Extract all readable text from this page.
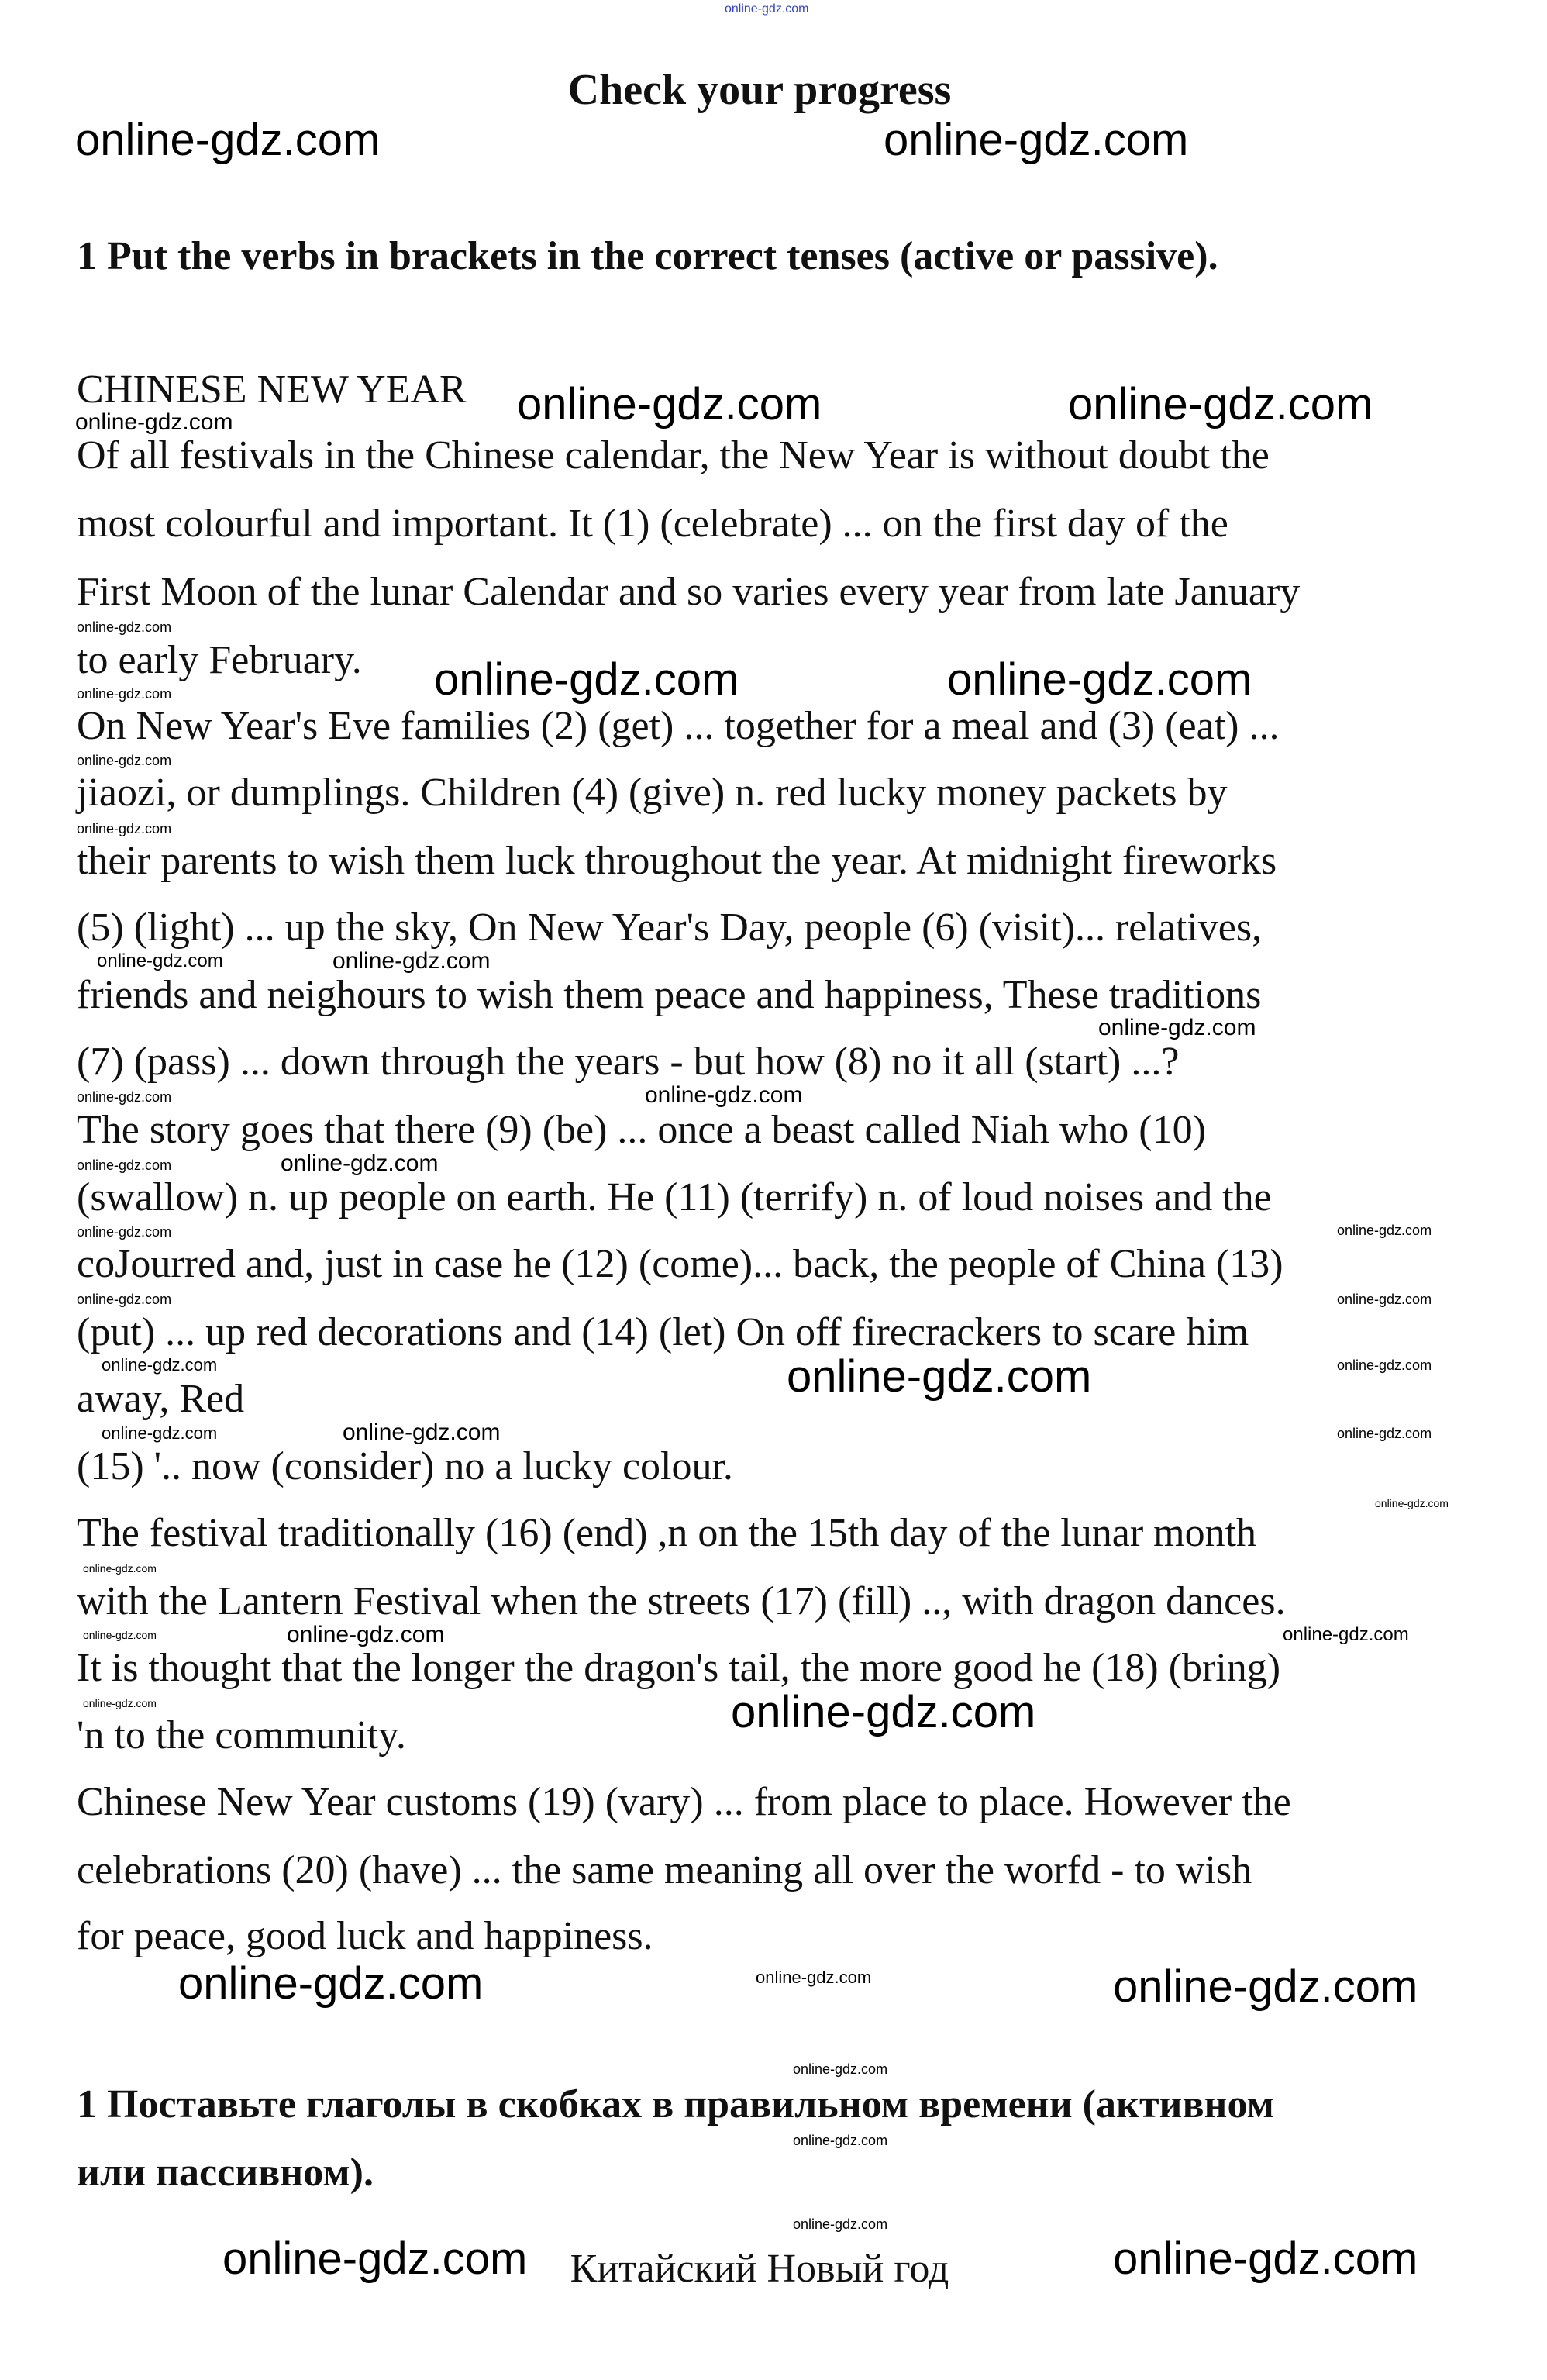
online-gdz.com
Check your progress
1 Put the verbs in brackets in the correct tenses (active or passive).
CHINESE NEW YEAR
Of all festivals in the Chinese calendar, the New Year is without doubt the
most colourful and important. It (1) (celebrate) ... on the first day of the
First Moon of the lunar Calendar and so varies every year from late January
to early February.
On New Year's Eve families (2) (get) ... together for a meal and (3) (eat) ...
jiaozi, or dumplings. Children (4) (give) n. red lucky money packets by
their parents to wish them luck throughout the year. At midnight fireworks
(5) (light) ... up the sky, On New Year's Day, people (6) (visit)... relatives,
friends and neighours to wish them peace and happiness, These traditions
(7) (pass) ... down through the years - but how (8) no it all (start) ...?
The story goes that there (9) (be) ... once a beast called Niah who (10)
(swallow) n. up people on earth. He (11) (terrify) n. of loud noises and the
coJourred and, just in case he (12) (come)... back, the people of China (13)
(put) ... up red decorations and (14) (let) On off firecrackers to scare him
away, Red
(15) '.. now (consider) no a lucky colour.
The festival traditionally (16) (end) ,n on the 15th day of the lunar month
with the Lantern Festival when the streets (17) (fill) .., with dragon dances.
It is thought that the longer the dragon's tail, the more good he (18) (bring)
'n to the community.
Chinese New Year customs (19) (vary) ... from place to place. However the
celebrations (20) (have) ... the same meaning all over the worfd - to wish
for peace, good luck and happiness.
1 Поставьте глаголы в скобках в правильном времени (активном
или пассивном).
Китайский Новый год
online-gdz.com	online-gdz.com
online-gdz.com	online-gdz.com
online-gdz.com	online-gdz.com
online-gdz.com
online-gdz.com
online-gdz.com	online-gdz.com
online-gdz.com	online-gdz.com
online-gdz.com
online-gdz.com
online-gdz.com
online-gdz.com
online-gdz.com
online-gdz.com
online-gdz.com	online-gdz.com
online-gdz.com
online-gdz.com
online-gdz.com
online-gdz.com
online-gdz.com
online-gdz.com
online-gdz.com
online-gdz.com
online-gdz.com
online-gdz.com
online-gdz.com
online-gdz.com
online-gdz.com
online-gdz.com
online-gdz.com
online-gdz.com
online-gdz.com
online-gdz.com
online-gdz.com
online-gdz.com
online-gdz.com
online-gdz.com
online-gdz.com
